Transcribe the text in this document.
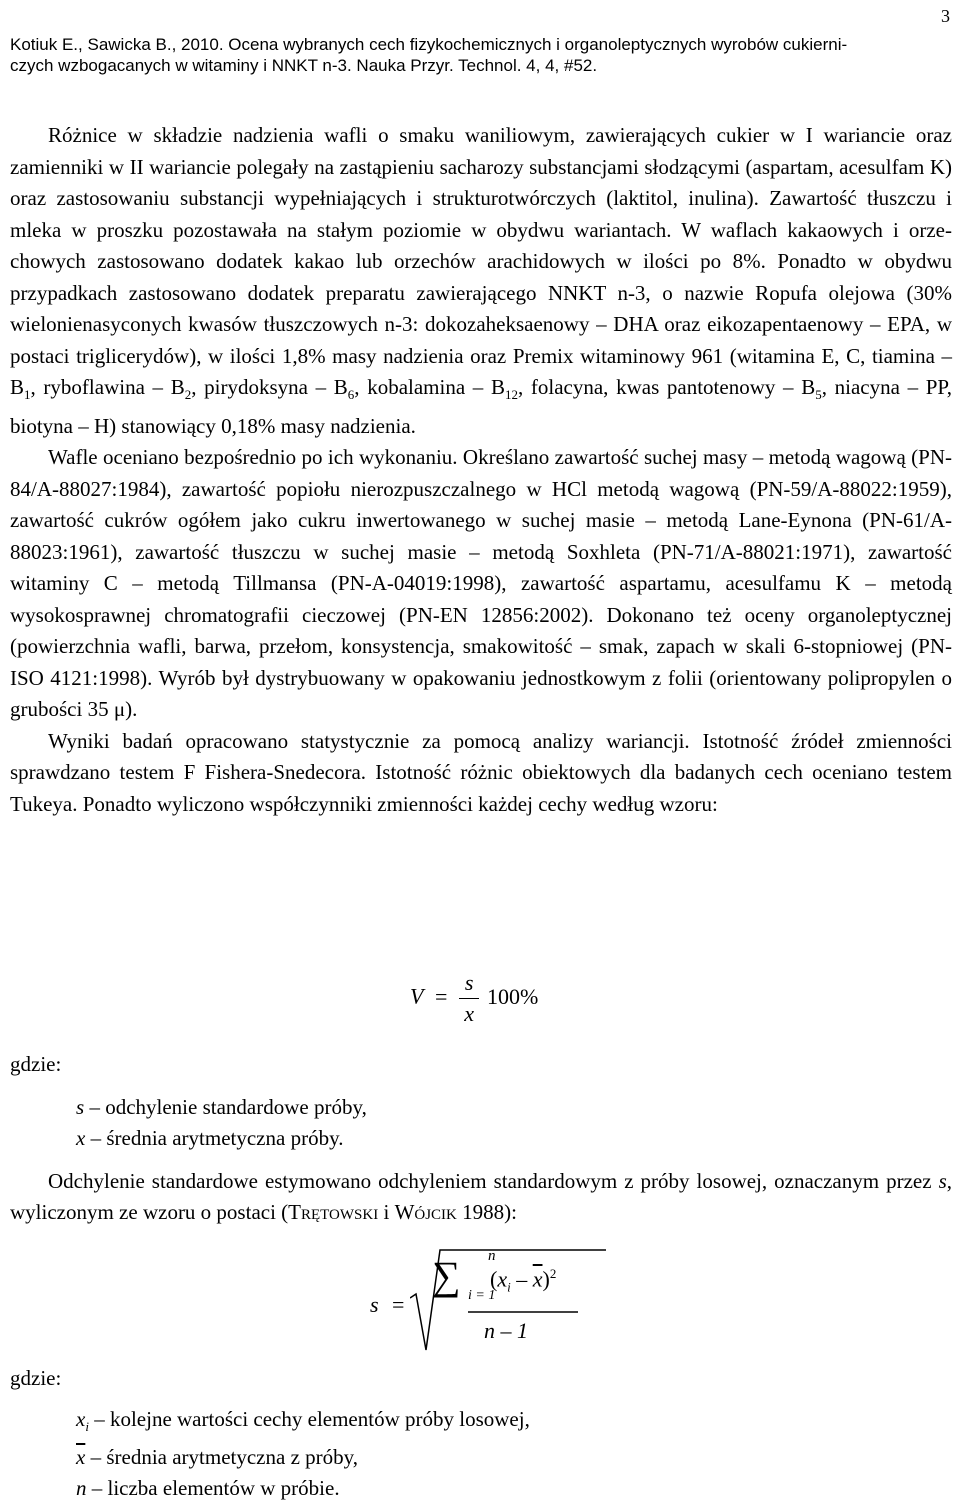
3
Kotiuk E., Sawicka B., 2010. Ocena wybranych cech fizykochemicznych i organoleptycznych wyrobów cukierni-
czych wzbogacanych w witaminy i NNKT n-3. Nauka Przyr. Technol. 4, 4, #52.

Różnice w składzie nadzienia wafli o smaku waniliowym, zawierających cukier w I wariancie oraz zamienniki w II wariancie polegały na zastąpieniu sacharozy substancjami słodzącymi (aspartam, acesulfam K) oraz zastosowaniu substancji wypełniających i strukturotwórczych (laktitol, inulina). Zawartość tłuszczu i mleka w proszku pozostawała na stałym poziomie w obydwu wariantach. W waflach kakaowych i orzechowych zastosowano dodatek kakao lub orzechów arachidowych w ilości po 8%. Ponadto w obydwu przypadkach zastosowano dodatek preparatu zawierającego NNKT n-3, o nazwie Ropufa olejowa (30% wielonienasyconych kwasów tłuszczowych n-3: dokozaheksaenowy – DHA oraz eikozapentaenowy – EPA, w postaci triglicerydów), w ilości 1,8% masy nadzienia oraz Premix witaminowy 961 (witamina E, C, tiamina – $B_1$, ryboflawina – $B_2$, pirydoksyna – $B_6$, kobalamina – $B_{12}$, folacyna, kwas pantotenowy – $B_5$, niacyna – PP, biotyna – H) stanowiący 0,18% masy nadzienia.

Wafle oceniano bezpośrednio po ich wykonaniu. Określano zawartość suchej masy – metodą wagową (PN-84/A-88027:1984), zawartość popiołu nierozpuszczalnego w HCl metodą wagową (PN-59/A-88022:1959), zawartość cukrów ogółem jako cukru inwertowanego w suchej masie – metodą Lane-Eynona (PN-61/A-88023:1961), zawartość tłuszczu w suchej masie – metodą Soxhleta (PN-71/A-88021:1971), zawartość witaminy C – metodą Tillmansa (PN-A-04019:1998), zawartość aspartamu, acesulfamu K – metodą wysokosprawnej chromatografii cieczowej (PN-EN 12856:2002). Dokonano też oceny organoleptycznej (powierzchnia wafli, barwa, przełom, konsystencja, smakowitość – smak, zapach w skali 6-stopniowej (PN-ISO 4121:1998). Wyrób był dystrybuowany w opakowaniu jednostkowym z folii (orientowany polipropylen o grubości 35 μ).

Wyniki badań opracowano statystycznie za pomocą analizy wariancji. Istotność źródeł zmienności sprawdzano testem F Fishera-Snedecora. Istotność różnic obiektowych dla badanych cech oceniano testem Tukeya. Ponadto wyliczono współczynniki zmienności każdej cechy według wzoru:

$V = \frac{s}{x} 100\%$
gdzie:
s – odchylenie standardowe próby,
x – średnia arytmetyczna próby.
Odchylenie standardowe estymowano odchyleniem standardowym z próby losowej, oznaczanym przez s, wyliczonym ze wzoru o postaci (Trętowski i Wójcik 1988):
s =
∑ n
i = 1
$(x_i - \overline{x})^2$
n – 1
gdzie:
$x_i$ – kolejne wartości cechy elementów próby losowej,
$\overline{x}$ – średnia arytmetyczna z próby,
n – liczba elementów w próbie.
